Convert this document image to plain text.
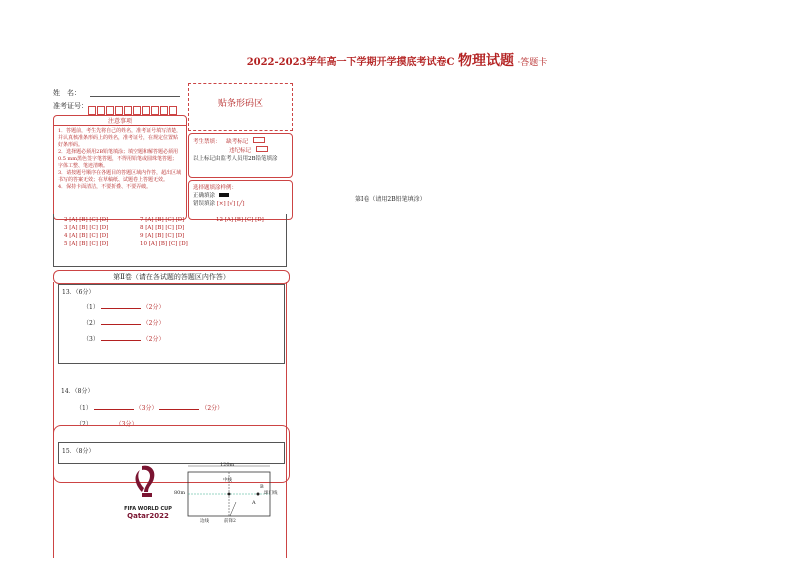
2022-2023学年高一下学期开学摸底考试卷C 物理试题 ·答题卡
姓　名：
准考证号：	贴条形码区
注意事项
1．答题前，考生先将自己的姓名，准考证号填写清楚，并认真核准条形码上的姓名，准考证号，在规定位置贴好条形码。
2．选择题必须用2B铅笔填涂；填空题和解答题必须用0.5 mm黑色签字笔答题，不得用铅笔或圆珠笔答题；字体工整、笔迹清晰。
3．请按题号顺序在各题目的答题区域内作答，超出区域书写的答案无效；在草稿纸、试题卷上答题无效。
4．保持卡面清洁，不要折叠、不要弄破。
考生禁填： 缺考标记
违纪标记
以上标记由监考人员用2B铅笔填涂
选择题填涂样例：
正确填涂
错误填涂 [×] [√] [╱]
第Ⅰ卷（请用2B铅笔填涂）
2 [A] [B] [C] [D]	7 [A] [B] [C] [D]	12 [A] [B] [C] [D]
3 [A] [B] [C] [D]	8 [A] [B] [C] [D]
4 [A] [B] [C] [D]	9 [A] [B] [C] [D]
5 [A] [B] [C] [D]	10 [A] [B] [C] [D]
第Ⅱ卷（请在各试题的答题区内作答）
13．（6分）
（1）	（2分）
（2）	（2分）
（3）	（2分）
14．（8分）
（1）	（3分）	（2分）
（2）	（3分）
15．（8分）
FIFA WORLD CUP
Qatar2022
120m
80m
中线
球门线
A
B
前锋2
边线
